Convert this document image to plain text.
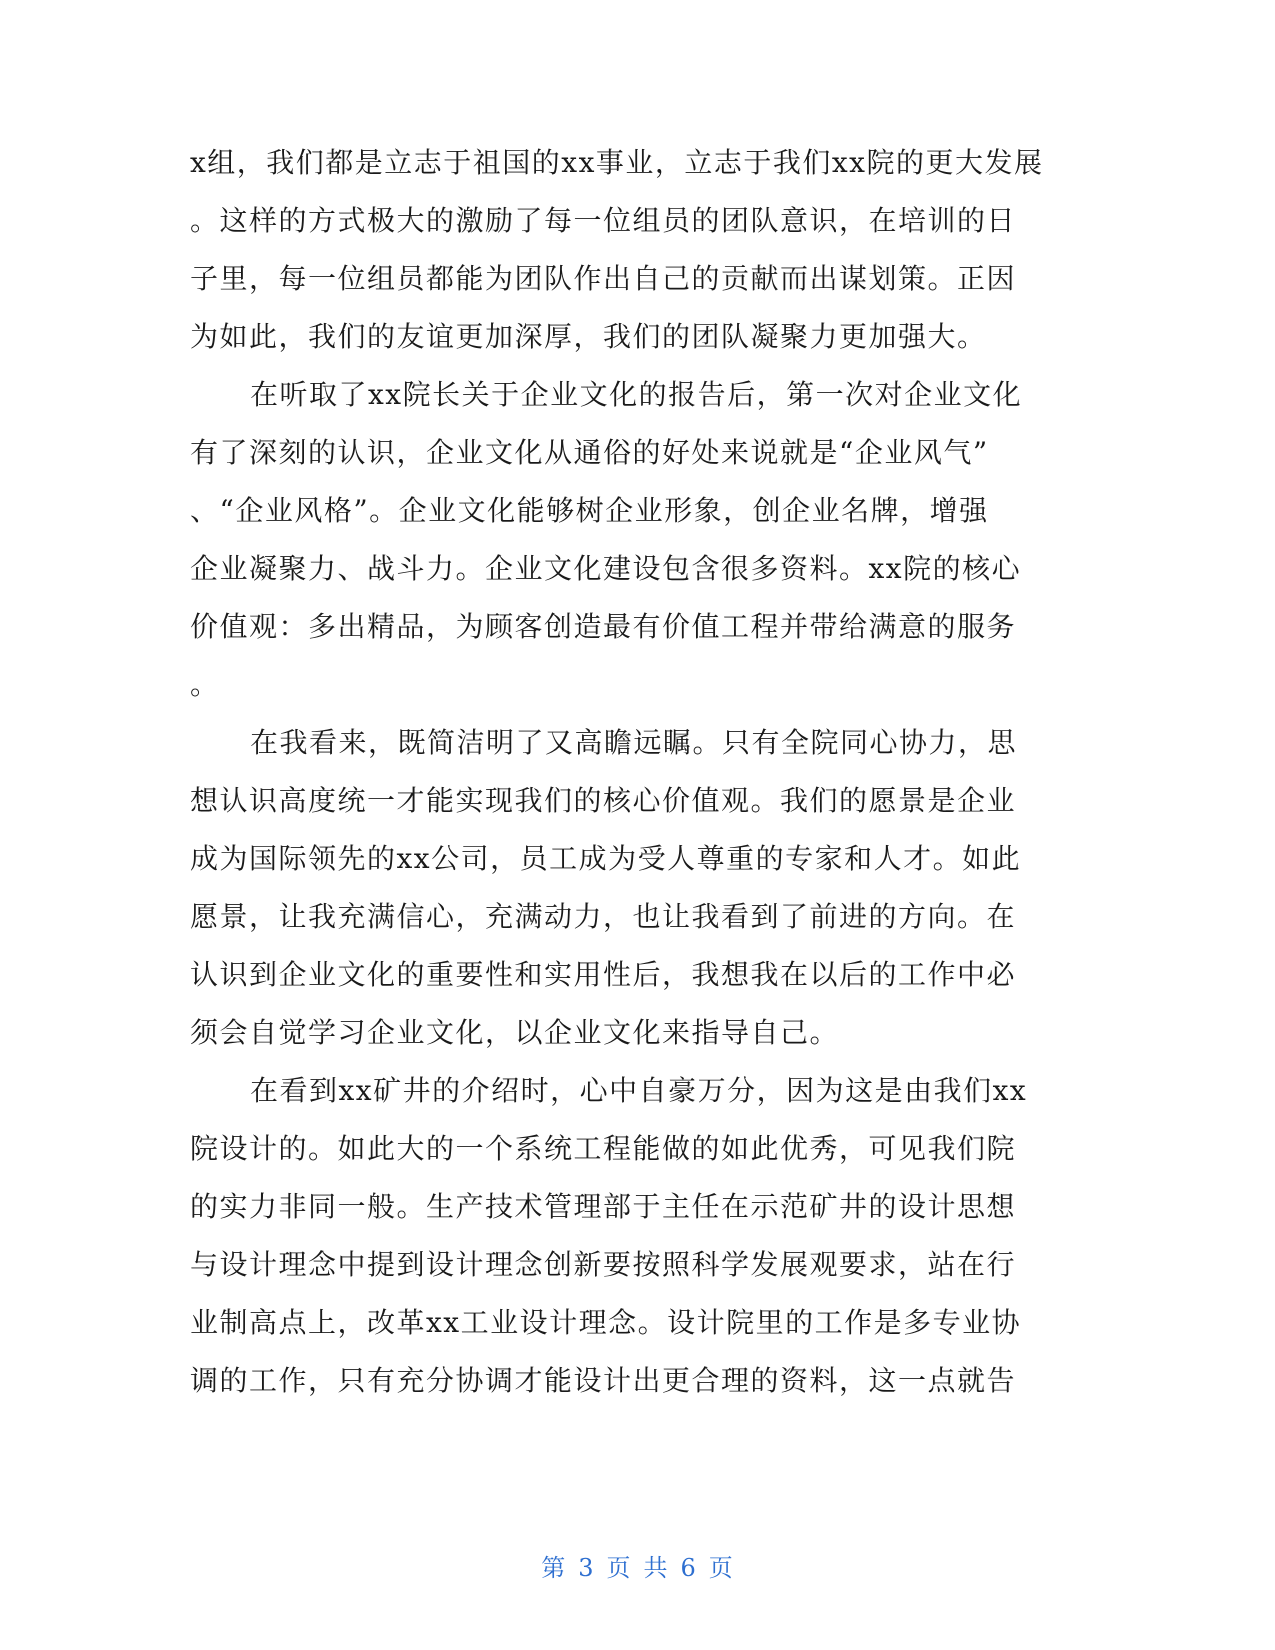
x组，我们都是立志于祖国的xx事业，立志于我们xx院的更大发展
。这样的方式极大的激励了每一位组员的团队意识，在培训的日
子里，每一位组员都能为团队作出自己的贡献而出谋划策。正因
为如此，我们的友谊更加深厚，我们的团队凝聚力更加强大。
在听取了xx院长关于企业文化的报告后，第一次对企业文化
有了深刻的认识，企业文化从通俗的好处来说就是“企业风气”
、“企业风格”。企业文化能够树企业形象，创企业名牌，增强
企业凝聚力、战斗力。企业文化建设包含很多资料。xx院的核心
价值观：多出精品，为顾客创造最有价值工程并带给满意的服务
。
在我看来，既简洁明了又高瞻远瞩。只有全院同心协力，思
想认识高度统一才能实现我们的核心价值观。我们的愿景是企业
成为国际领先的xx公司，员工成为受人尊重的专家和人才。如此
愿景，让我充满信心，充满动力，也让我看到了前进的方向。在
认识到企业文化的重要性和实用性后，我想我在以后的工作中必
须会自觉学习企业文化，以企业文化来指导自己。
在看到xx矿井的介绍时，心中自豪万分，因为这是由我们xx
院设计的。如此大的一个系统工程能做的如此优秀，可见我们院
的实力非同一般。生产技术管理部于主任在示范矿井的设计思想
与设计理念中提到设计理念创新要按照科学发展观要求，站在行
业制高点上，改革xx工业设计理念。设计院里的工作是多专业协
调的工作，只有充分协调才能设计出更合理的资料，这一点就告
第 3 页 共 6 页
